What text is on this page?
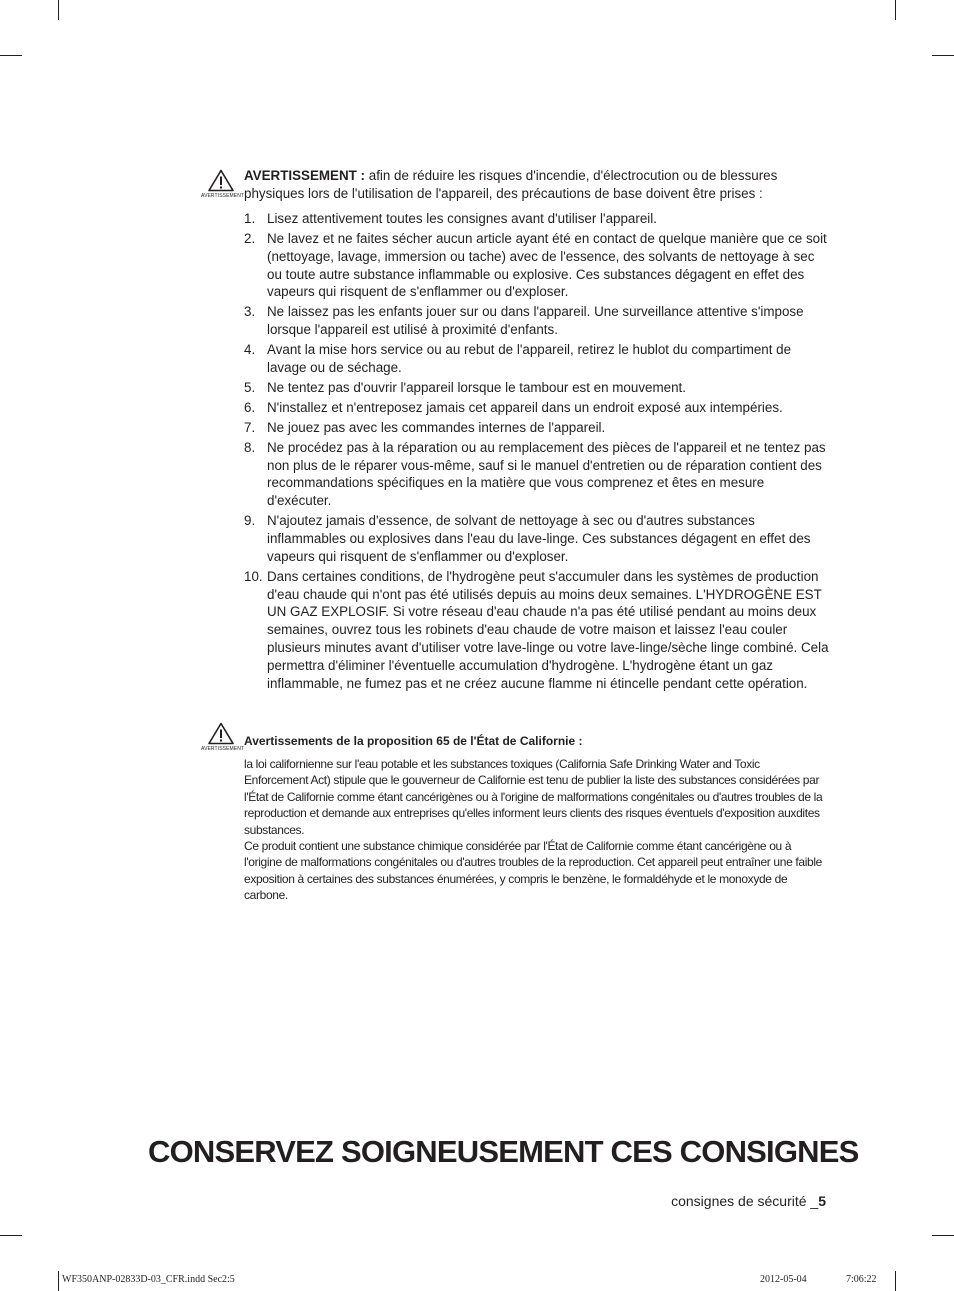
AVERTISSEMENT
AVERTISSEMENT : afin de réduire les risques d'incendie, d'électrocution ou de blessures physiques lors de l'utilisation de l'appareil, des précautions de base doivent être prises :
1. Lisez attentivement toutes les consignes avant d'utiliser l'appareil.
2. Ne lavez et ne faites sécher aucun article ayant été en contact de quelque manière que ce soit (nettoyage, lavage, immersion ou tache) avec de l'essence, des solvants de nettoyage à sec ou toute autre substance inflammable ou explosive. Ces substances dégagent en effet des vapeurs qui risquent de s'enflammer ou d'exploser.
3. Ne laissez pas les enfants jouer sur ou dans l'appareil. Une surveillance attentive s'impose lorsque l'appareil est utilisé à proximité d'enfants.
4. Avant la mise hors service ou au rebut de l'appareil, retirez le hublot du compartiment de lavage ou de séchage.
5. Ne tentez pas d'ouvrir l'appareil lorsque le tambour est en mouvement.
6. N'installez et n'entreposez jamais cet appareil dans un endroit exposé aux intempéries.
7. Ne jouez pas avec les commandes internes de l'appareil.
8. Ne procédez pas à la réparation ou au remplacement des pièces de l'appareil et ne tentez pas non plus de le réparer vous-même, sauf si le manuel d'entretien ou de réparation contient des recommandations spécifiques en la matière que vous comprenez et êtes en mesure d'exécuter.
9. N'ajoutez jamais d'essence, de solvant de nettoyage à sec ou d'autres substances inflammables ou explosives dans l'eau du lave-linge. Ces substances dégagent en effet des vapeurs qui risquent de s'enflammer ou d'exploser.
10. Dans certaines conditions, de l'hydrogène peut s'accumuler dans les systèmes de production d'eau chaude qui n'ont pas été utilisés depuis au moins deux semaines. L'HYDROGÈNE EST UN GAZ EXPLOSIF. Si votre réseau d'eau chaude n'a pas été utilisé pendant au moins deux semaines, ouvrez tous les robinets d'eau chaude de votre maison et laissez l'eau couler plusieurs minutes avant d'utiliser votre lave-linge ou votre lave-linge/sèche linge combiné. Cela permettra d'éliminer l'éventuelle accumulation d'hydrogène. L'hydrogène étant un gaz inflammable, ne fumez pas et ne créez aucune flamme ni étincelle pendant cette opération.
AVERTISSEMENT
Avertissements de la proposition 65 de l'État de Californie :

la loi californienne sur l'eau potable et les substances toxiques (California Safe Drinking Water and Toxic Enforcement Act) stipule que le gouverneur de Californie est tenu de publier la liste des substances considérées par l'État de Californie comme étant cancérigènes ou à l'origine de malformations congénitales ou d'autres troubles de la reproduction et demande aux entreprises qu'elles informent leurs clients des risques éventuels d'exposition auxdites substances.

Ce produit contient une substance chimique considérée par l'État de Californie comme étant cancérigène ou à l'origine de malformations congénitales ou d'autres troubles de la reproduction. Cet appareil peut entraîner une faible exposition à certaines des substances énumérées, y compris le benzène, le formaldéhyde et le monoxyde de carbone.

CONSERVEZ SOIGNEUSEMENT CES CONSIGNES
consignes de sécurité _5
WF350ANP-02833D-03_CFR.indd Sec2:5	2012-05-04	7:06:22
